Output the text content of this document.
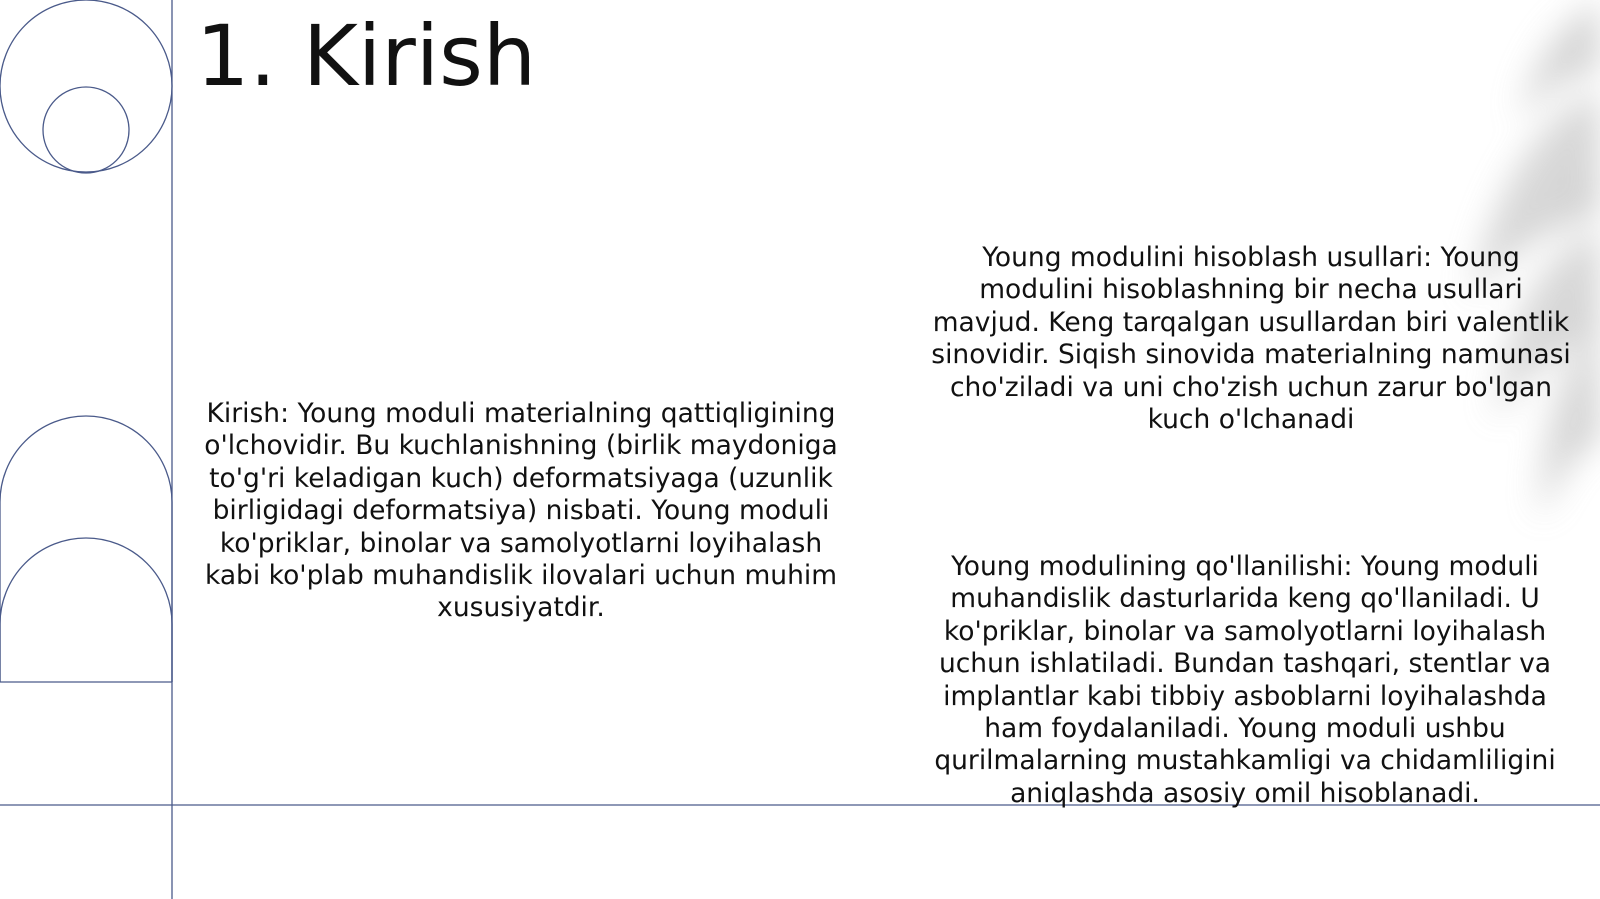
1. Kirish

Kirish: Young moduli materialning qattiqligining o'lchovidir. Bu kuchlanishning (birlik maydoniga to'g'ri keladigan kuch) deformatsiyaga (uzunlik birligidagi deformatsiya) nisbati. Young moduli ko'priklar, binolar va samolyotlarni loyihalash kabi ko'plab muhandislik ilovalari uchun muhim xususiyatdir.

Young modulini hisoblash usullari: Young modulini hisoblashning bir necha usullari mavjud. Keng tarqalgan usullardan biri valentlik sinovidir. Siqish sinovida materialning namunasi cho'ziladi va uni cho'zish uchun zarur bo'lgan kuch o'lchanadi

Young modulining qo'llanilishi: Young moduli muhandislik dasturlarida keng qo'llaniladi. U ko'priklar, binolar va samolyotlarni loyihalash uchun ishlatiladi. Bundan tashqari, stentlar va implantlar kabi tibbiy asboblarni loyihalashda ham foydalaniladi. Young moduli ushbu qurilmalarning mustahkamligi va chidamliligini aniqlashda asosiy omil hisoblanadi.
